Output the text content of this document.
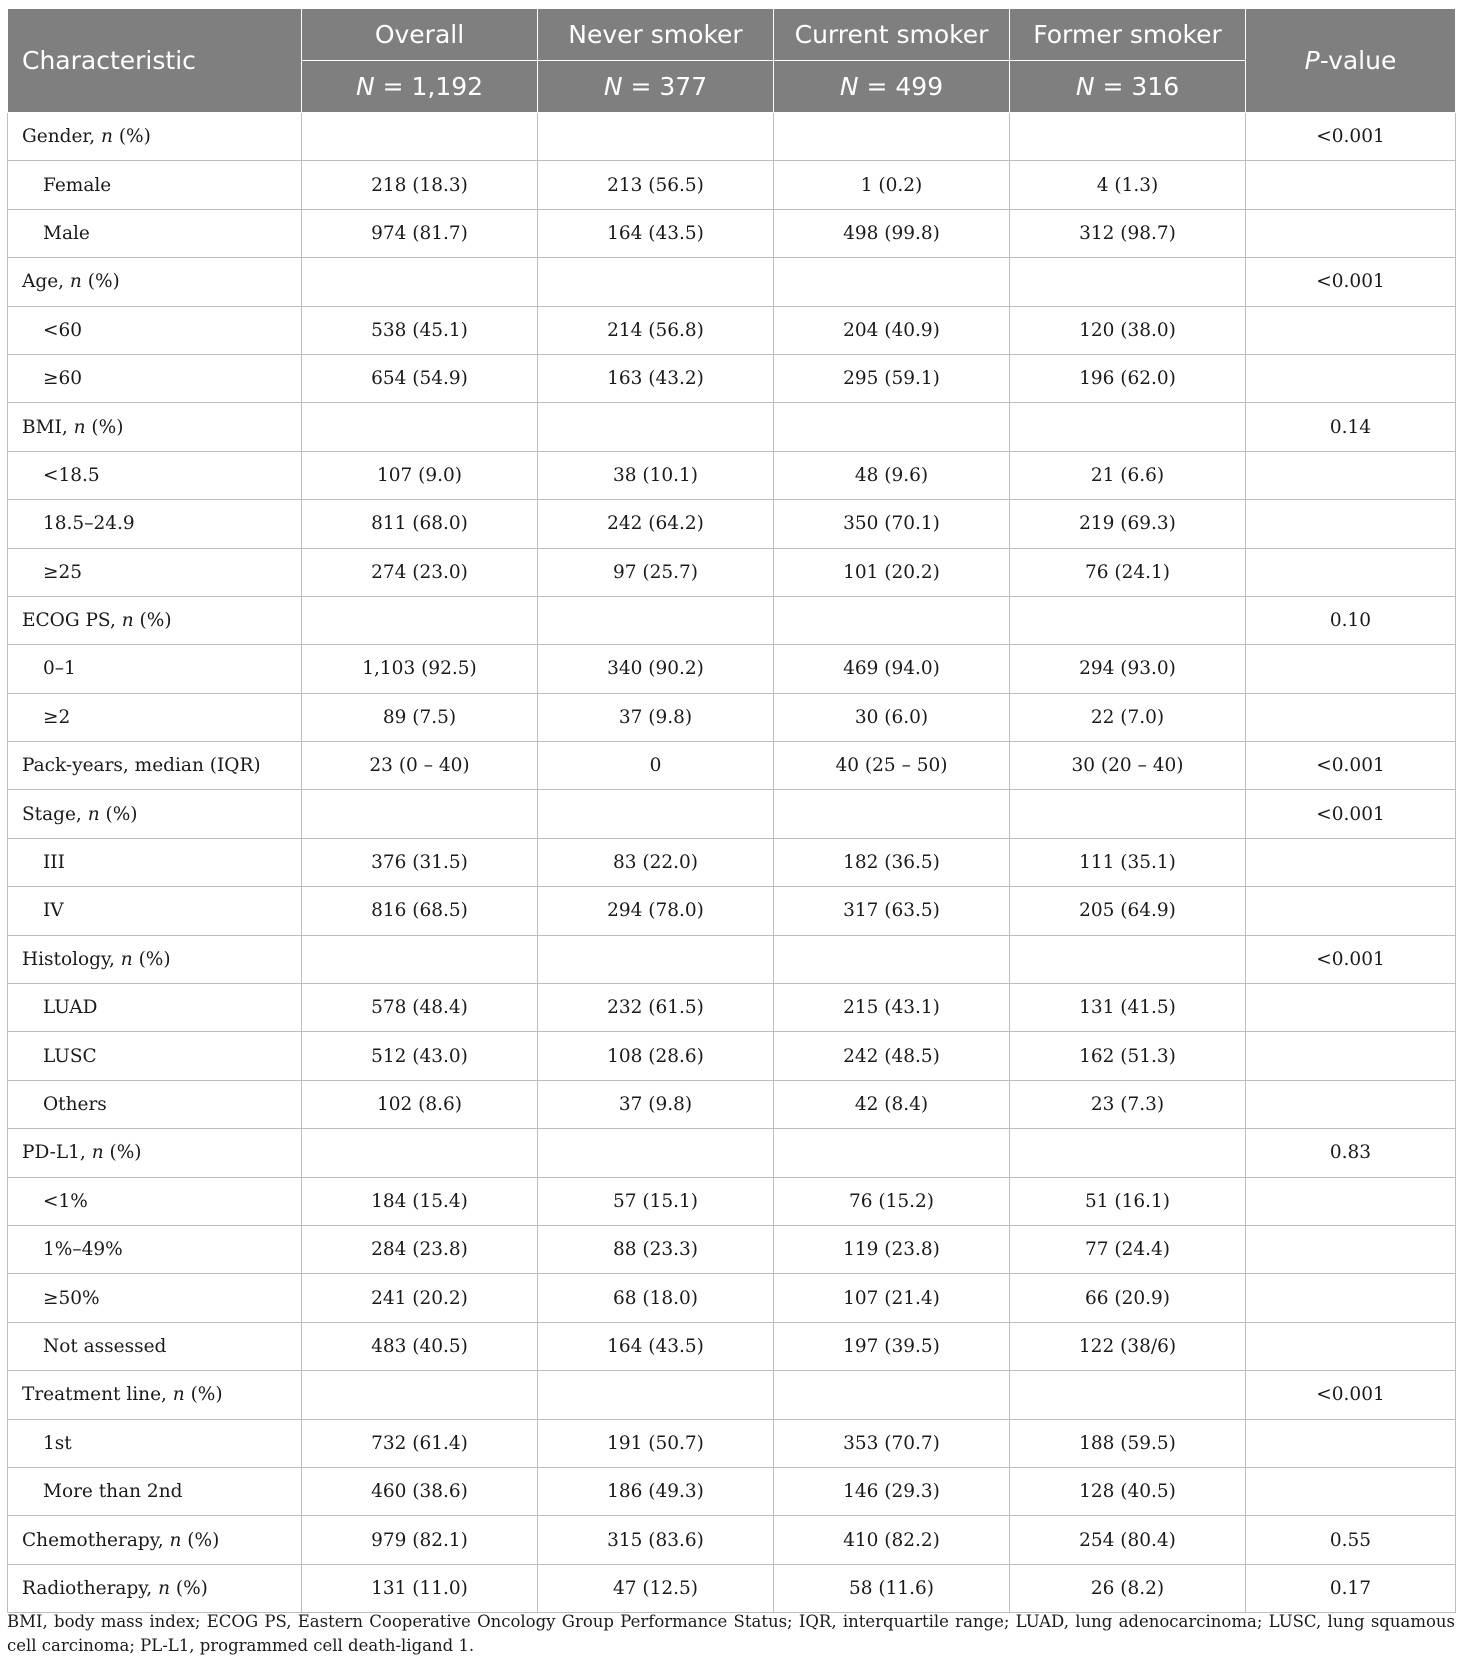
Characteristic	Overall	Never smoker	Current smoker	Former smoker	P-value
	N = 1,192	N = 377	N = 499	N = 316	
Gender, n (%)					<0.001
Female	218 (18.3)	213 (56.5)	1 (0.2)	4 (1.3)	
Male	974 (81.7)	164 (43.5)	498 (99.8)	312 (98.7)	
Age, n (%)					<0.001
<60	538 (45.1)	214 (56.8)	204 (40.9)	120 (38.0)	
≥60	654 (54.9)	163 (43.2)	295 (59.1)	196 (62.0)	
BMI, n (%)					0.14
<18.5	107 (9.0)	38 (10.1)	48 (9.6)	21 (6.6)	
18.5–24.9	811 (68.0)	242 (64.2)	350 (70.1)	219 (69.3)	
≥25	274 (23.0)	97 (25.7)	101 (20.2)	76 (24.1)	
ECOG PS, n (%)					0.10
0–1	1,103 (92.5)	340 (90.2)	469 (94.0)	294 (93.0)	
≥2	89 (7.5)	37 (9.8)	30 (6.0)	22 (7.0)	
Pack-years, median (IQR)	23 (0 – 40)	0	40 (25 – 50)	30 (20 – 40)	<0.001
Stage, n (%)					<0.001
III	376 (31.5)	83 (22.0)	182 (36.5)	111 (35.1)	
IV	816 (68.5)	294 (78.0)	317 (63.5)	205 (64.9)	
Histology, n (%)					<0.001
LUAD	578 (48.4)	232 (61.5)	215 (43.1)	131 (41.5)	
LUSC	512 (43.0)	108 (28.6)	242 (48.5)	162 (51.3)	
Others	102 (8.6)	37 (9.8)	42 (8.4)	23 (7.3)	
PD-L1, n (%)					0.83
<1%	184 (15.4)	57 (15.1)	76 (15.2)	51 (16.1)	
1%–49%	284 (23.8)	88 (23.3)	119 (23.8)	77 (24.4)	
≥50%	241 (20.2)	68 (18.0)	107 (21.4)	66 (20.9)	
Not assessed	483 (40.5)	164 (43.5)	197 (39.5)	122 (38/6)	
Treatment line, n (%)					<0.001
1st	732 (61.4)	191 (50.7)	353 (70.7)	188 (59.5)	
More than 2nd	460 (38.6)	186 (49.3)	146 (29.3)	128 (40.5)	
Chemotherapy, n (%)	979 (82.1)	315 (83.6)	410 (82.2)	254 (80.4)	0.55
Radiotherapy, n (%)	131 (11.0)	47 (12.5)	58 (11.6)	26 (8.2)	0.17
BMI, body mass index; ECOG PS, Eastern Cooperative Oncology Group Performance Status; IQR, interquartile range; LUAD, lung adenocarcinoma; LUSC, lung squamous cell carcinoma; PL-L1, programmed cell death-ligand 1.
